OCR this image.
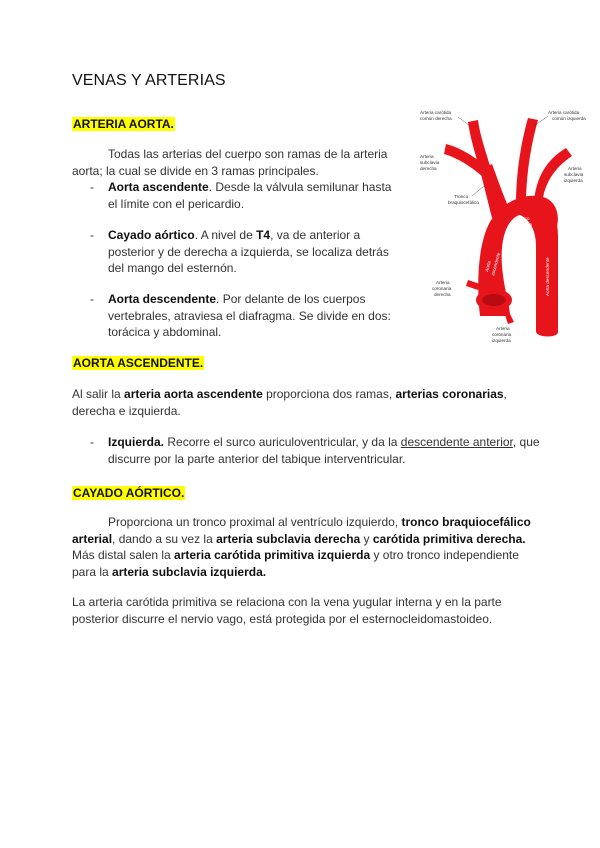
VENAS Y ARTERIAS
ARTERIA AORTA.
Todas las arterias del cuerpo son ramas de la arteria aorta; la cual se divide en 3 ramas principales.
- Aorta ascendente. Desde la válvula semilunar hasta el límite con el pericardio.
- Cayado aórtico. A nivel de T4, va de anterior a posterior y de derecha a izquierda, se localiza detrás del mango del esternón.
- Aorta descendente. Por delante de los cuerpos vertebrales, atraviesa el diafragma. Se divide en dos: torácica y abdominal.
Arteria carótida
común derecha
Arteria
subclavia
derecha
Tronco
braquiocefálico
Arteria carótida
común izquierda
Arteria
subclavia
izquierda
Arco
aórtico
Aorta
ascendente	Aorta descendente
Arteria
coronaria
derecha
Arteria
coronaria
izquierda
AORTA ASCENDENTE.
Al salir la arteria aorta ascendente proporciona dos ramas, arterias coronarias, derecha e izquierda.
- Izquierda. Recorre el surco auriculoventricular, y da la descendente anterior, que discurre por la parte anterior del tabique interventricular.
CAYADO AÓRTICO.
Proporciona un tronco proximal al ventrículo izquierdo, tronco braquiocefálico arterial, dando a su vez la arteria subclavia derecha y carótida primitiva derecha. Más distal salen la arteria carótida primitiva izquierda y otro tronco independiente para la arteria subclavia izquierda.
La arteria carótida primitiva se relaciona con la vena yugular interna y en la parte posterior discurre el nervio vago, está protegida por el esternocleidomastoideo.
